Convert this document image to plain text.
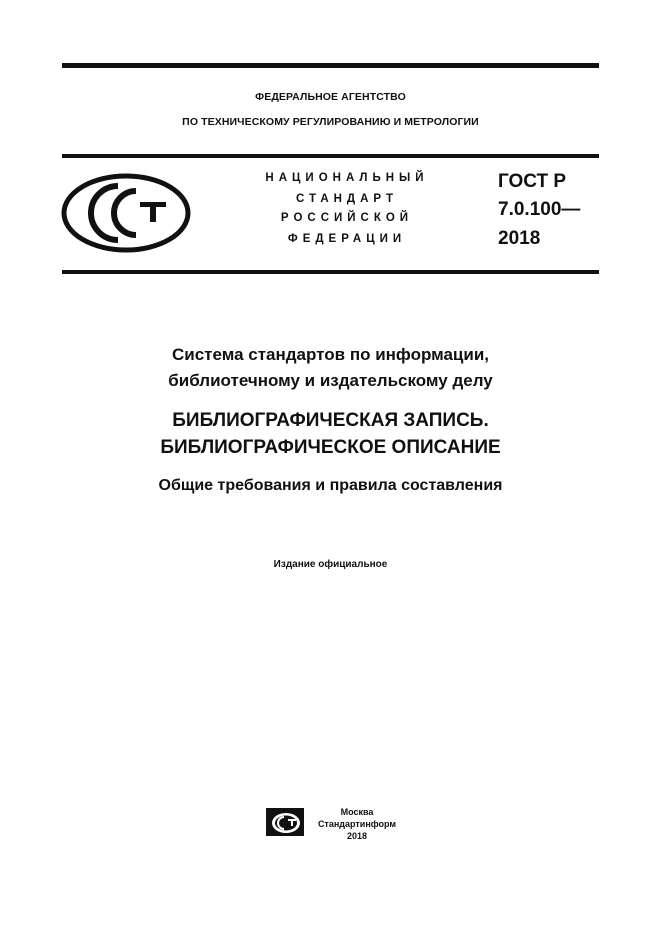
ФЕДЕРАЛЬНОЕ АГЕНТСТВО
ПО ТЕХНИЧЕСКОМУ РЕГУЛИРОВАНИЮ И МЕТРОЛОГИИ
НАЦИОНАЛЬНЫЙ
СТАНДАРТ
РОССИЙСКОЙ
ФЕДЕРАЦИИ
ГОСТ Р
7.0.100—
2018
Система стандартов по информации,
библиотечному и издательскому делу
БИБЛИОГРАФИЧЕСКАЯ ЗАПИСЬ.
БИБЛИОГРАФИЧЕСКОЕ ОПИСАНИЕ
Общие требования и правила составления
Издание официальное
Москва
Стандартинформ
2018
